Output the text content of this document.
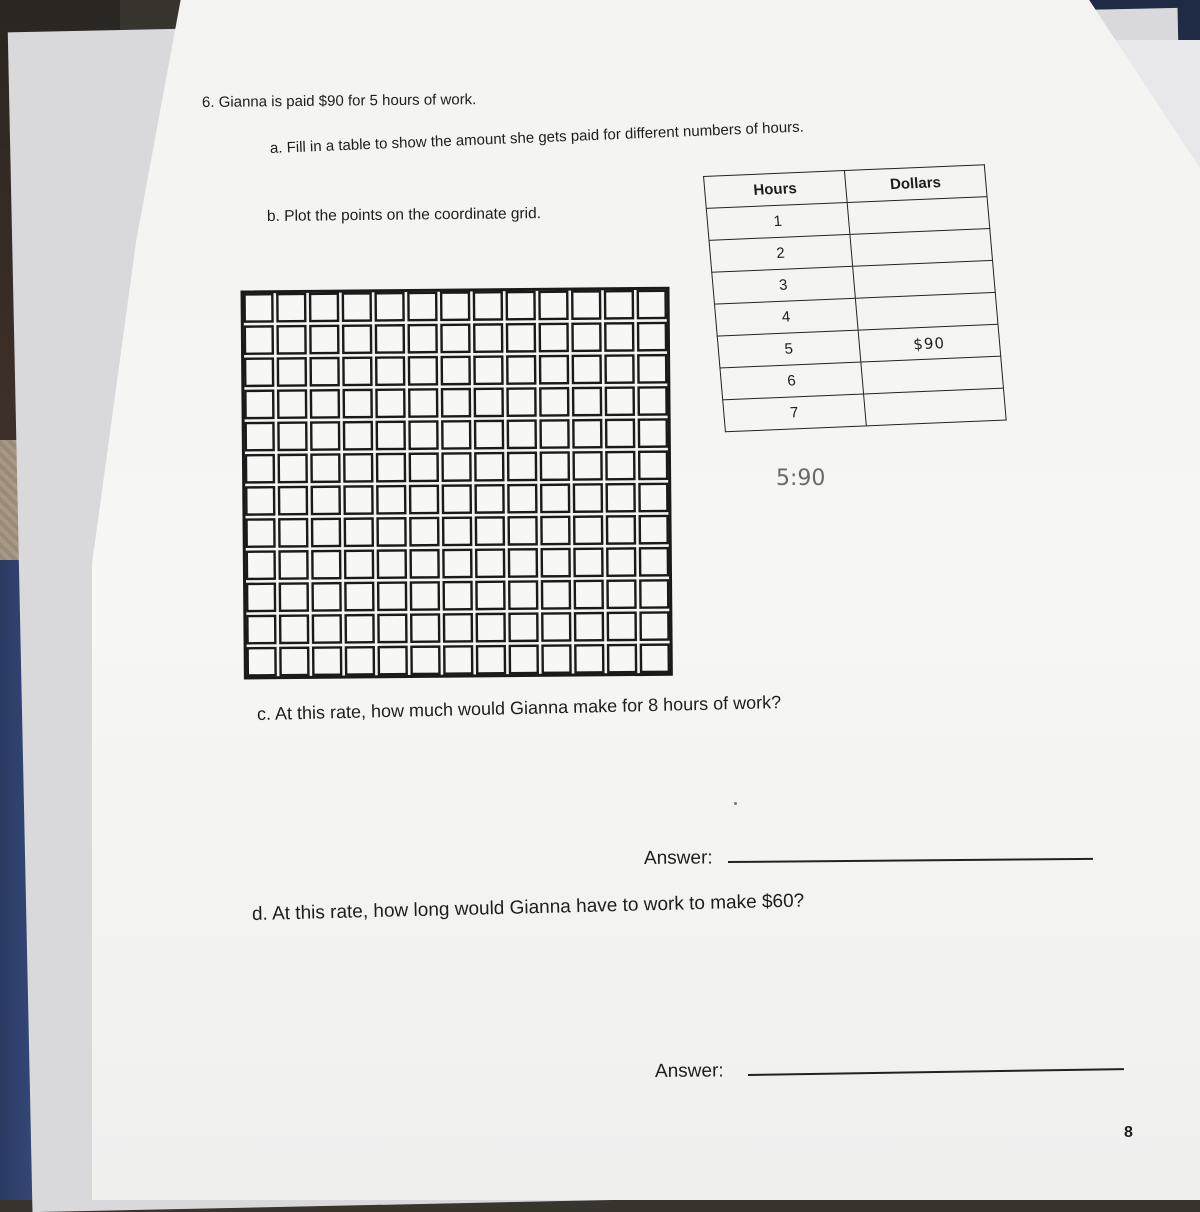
6. Gianna is paid $90 for 5 hours of work.
a. Fill in a table to show the amount she gets paid for different numbers of hours.
b. Plot the points on the coordinate grid.
Hours	Dollars
1	
2	
3	
4	
5	$90
6	
7	
5:90
c. At this rate, how much would Gianna make for 8 hours of work?
Answer:
d. At this rate, how long would Gianna have to work to make $60?
Answer:
8
